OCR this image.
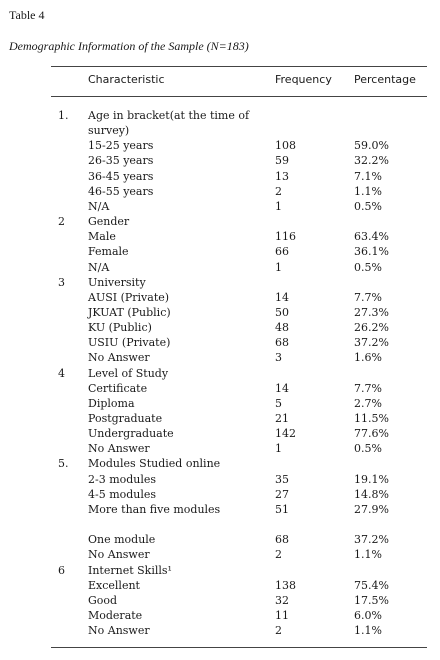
Table 4
Demographic Information of the Sample (N=183)
Characteristic	Frequency Percentage
1. Age in bracket(at the time of
survey)
15-25 years	108	59.0%
26-35 years	59	32.2%
36-45 years	13	7.1%
46-55 years	2	1.1%
N/A	1	0.5%
2 Gender
Male	116	63.4%
Female	66	36.1%
N/A	1	0.5%
3 University
AUSI (Private)	14	7.7%
JKUAT (Public)	50	27.3%
KU (Public)	48	26.2%
USIU (Private)	68	37.2%
No Answer	3	1.6%
4 Level of Study
Certificate	14	7.7%
Diploma	5	2.7%
Postgraduate	21	11.5%
Undergraduate	142	77.6%
No Answer	1	0.5%
5. Modules Studied online
2-3 modules	35	19.1%
4-5 modules	27	14.8%
More than five modules	51	27.9%
One module	68	37.2%
No Answer	2	1.1%
6 Internet Skills¹
Excellent	138	75.4%
Good	32	17.5%
Moderate	11	6.0%
No Answer	2	1.1%
